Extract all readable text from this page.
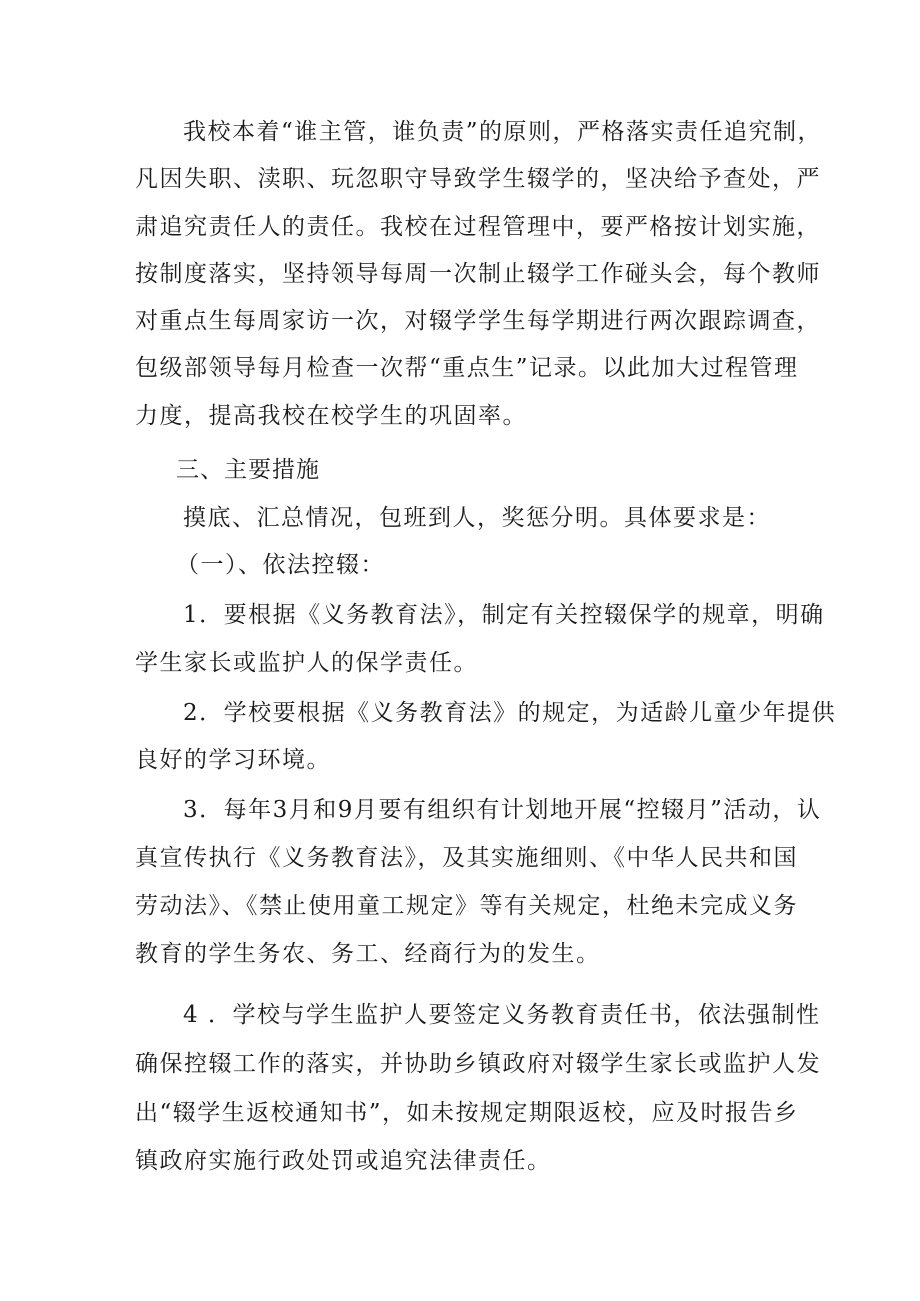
我校本着“谁主管，谁负责”的原则，严格落实责任追究制，
凡因失职、渎职、玩忽职守导致学生辍学的，坚决给予查处，严
肃追究责任人的责任。我校在过程管理中，要严格按计划实施，
按制度落实，坚持领导每周一次制止辍学工作碰头会，每个教师
对重点生每周家访一次，对辍学学生每学期进行两次跟踪调查，
包级部领导每月检查一次帮“重点生”记录。以此加大过程管理
力度，提高我校在校学生的巩固率。
三、主要措施
摸底、汇总情况，包班到人，奖惩分明。具体要求是：
（一）、依法控辍：
1．要根据《义务教育法》，制定有关控辍保学的规章，明确
学生家长或监护人的保学责任。
2．学校要根据《义务教育法》的规定，为适龄儿童少年提供
良好的学习环境。
3．每年3月和9月要有组织有计划地开展“控辍月”活动，认
真宣传执行《义务教育法》，及其实施细则、《中华人民共和国
劳动法》、《禁止使用童工规定》等有关规定，杜绝未完成义务
教育的学生务农、务工、经商行为的发生。
4 ．学校与学生监护人要签定义务教育责任书，依法强制性
确保控辍工作的落实，并协助乡镇政府对辍学生家长或监护人发
出“辍学生返校通知书”，如未按规定期限返校，应及时报告乡
镇政府实施行政处罚或追究法律责任。
